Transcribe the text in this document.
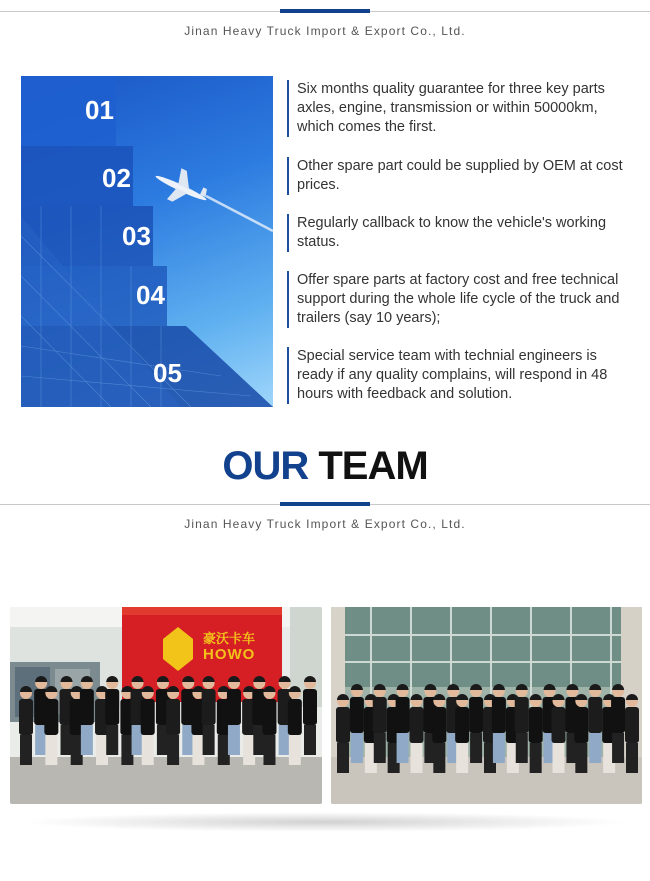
Jinan Heavy Truck Import & Export Co., Ltd.
01
02
03
04
05
Six months quality guarantee for three key parts axles, engine, transmission or within 50000km, which comes the first.
Other spare part could be supplied by OEM at cost prices.
Regularly callback to know the vehicle's working status.
Offer spare parts at factory cost and free technical support during the whole life cycle of the truck and trailers (say 10 years);
Special service team with technial engineers is ready if any quality complains, will respond in 48 hours with feedback and solution.
OUR TEAM
Jinan Heavy Truck Import & Export Co., Ltd.
豪沃卡车
HOWO
